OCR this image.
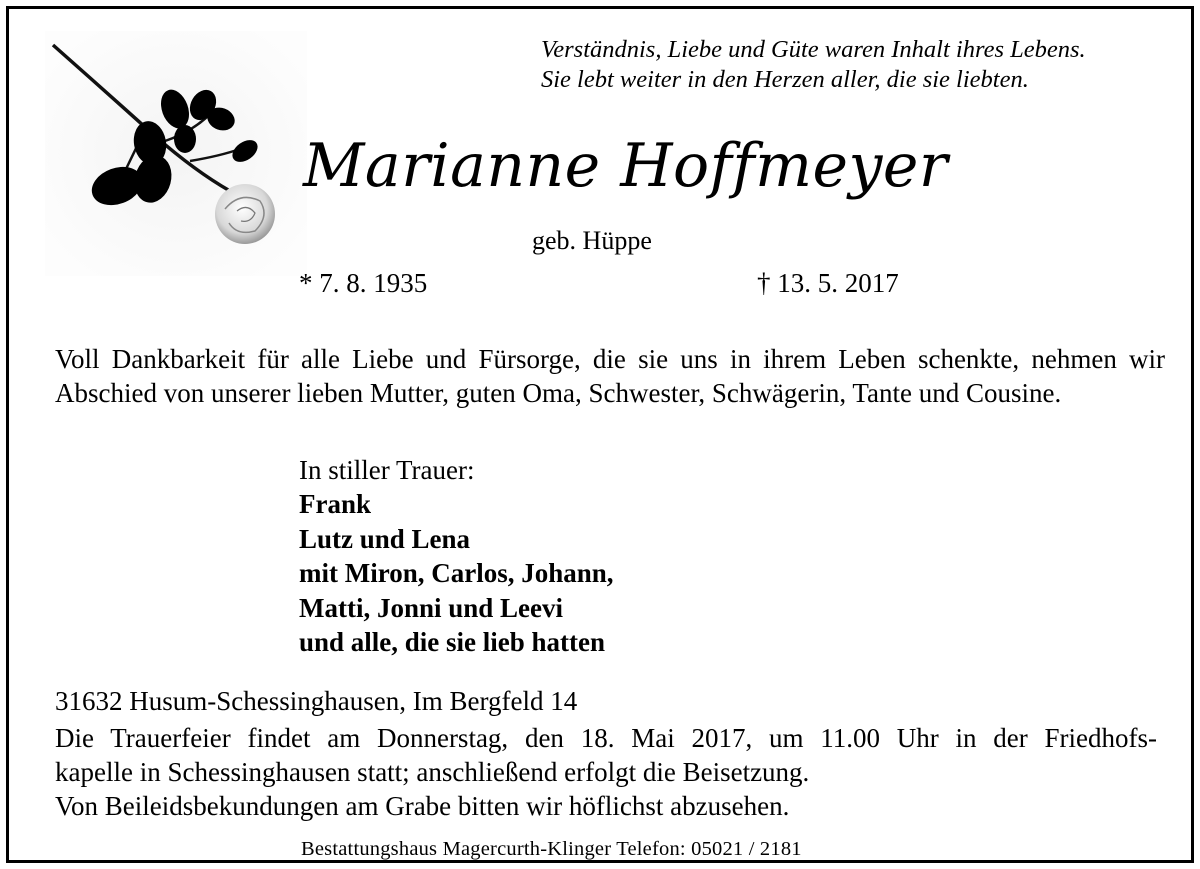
Verständnis, Liebe und Güte waren Inhalt ihres Lebens.
Sie lebt weiter in den Herzen aller, die sie liebten.
Marianne Hoffmeyer
geb. Hüppe
* 7. 8. 1935	† 13. 5. 2017
Voll Dankbarkeit für alle Liebe und Fürsorge, die sie uns in ihrem Leben schenkte, nehmen wir Abschied von unserer lieben Mutter, guten Oma, Schwester, Schwägerin, Tante und Cousine.
In stiller Trauer:
Frank
Lutz und Lena
mit Miron, Carlos, Johann,
Matti, Jonni und Leevi
und alle, die sie lieb hatten
31632 Husum-Schessinghausen, Im Bergfeld 14
Die Trauerfeier findet am Donnerstag, den 18. Mai 2017, um 11.00 Uhr in der Friedhofs-
kapelle in Schessinghausen statt; anschließend erfolgt die Beisetzung.
Von Beileidsbekundungen am Grabe bitten wir höflichst abzusehen.
Bestattungshaus Magercurth-Klinger Telefon: 05021 / 2181
